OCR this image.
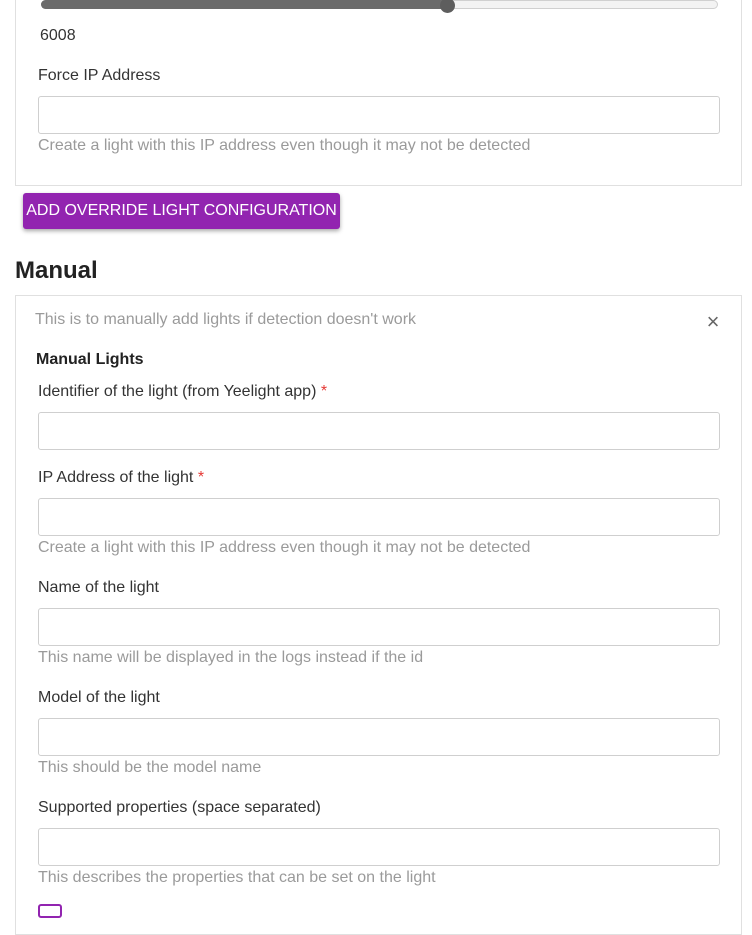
6008
Force IP Address
Create a light with this IP address even though it may not be detected
ADD OVERRIDE LIGHT CONFIGURATION
Manual
This is to manually add lights if detection doesn't work	×
Manual Lights
Identifier of the light (from Yeelight app) *
IP Address of the light *
Create a light with this IP address even though it may not be detected
Name of the light
This name will be displayed in the logs instead if the id
Model of the light
This should be the model name
Supported properties (space separated)
This describes the properties that can be set on the light
